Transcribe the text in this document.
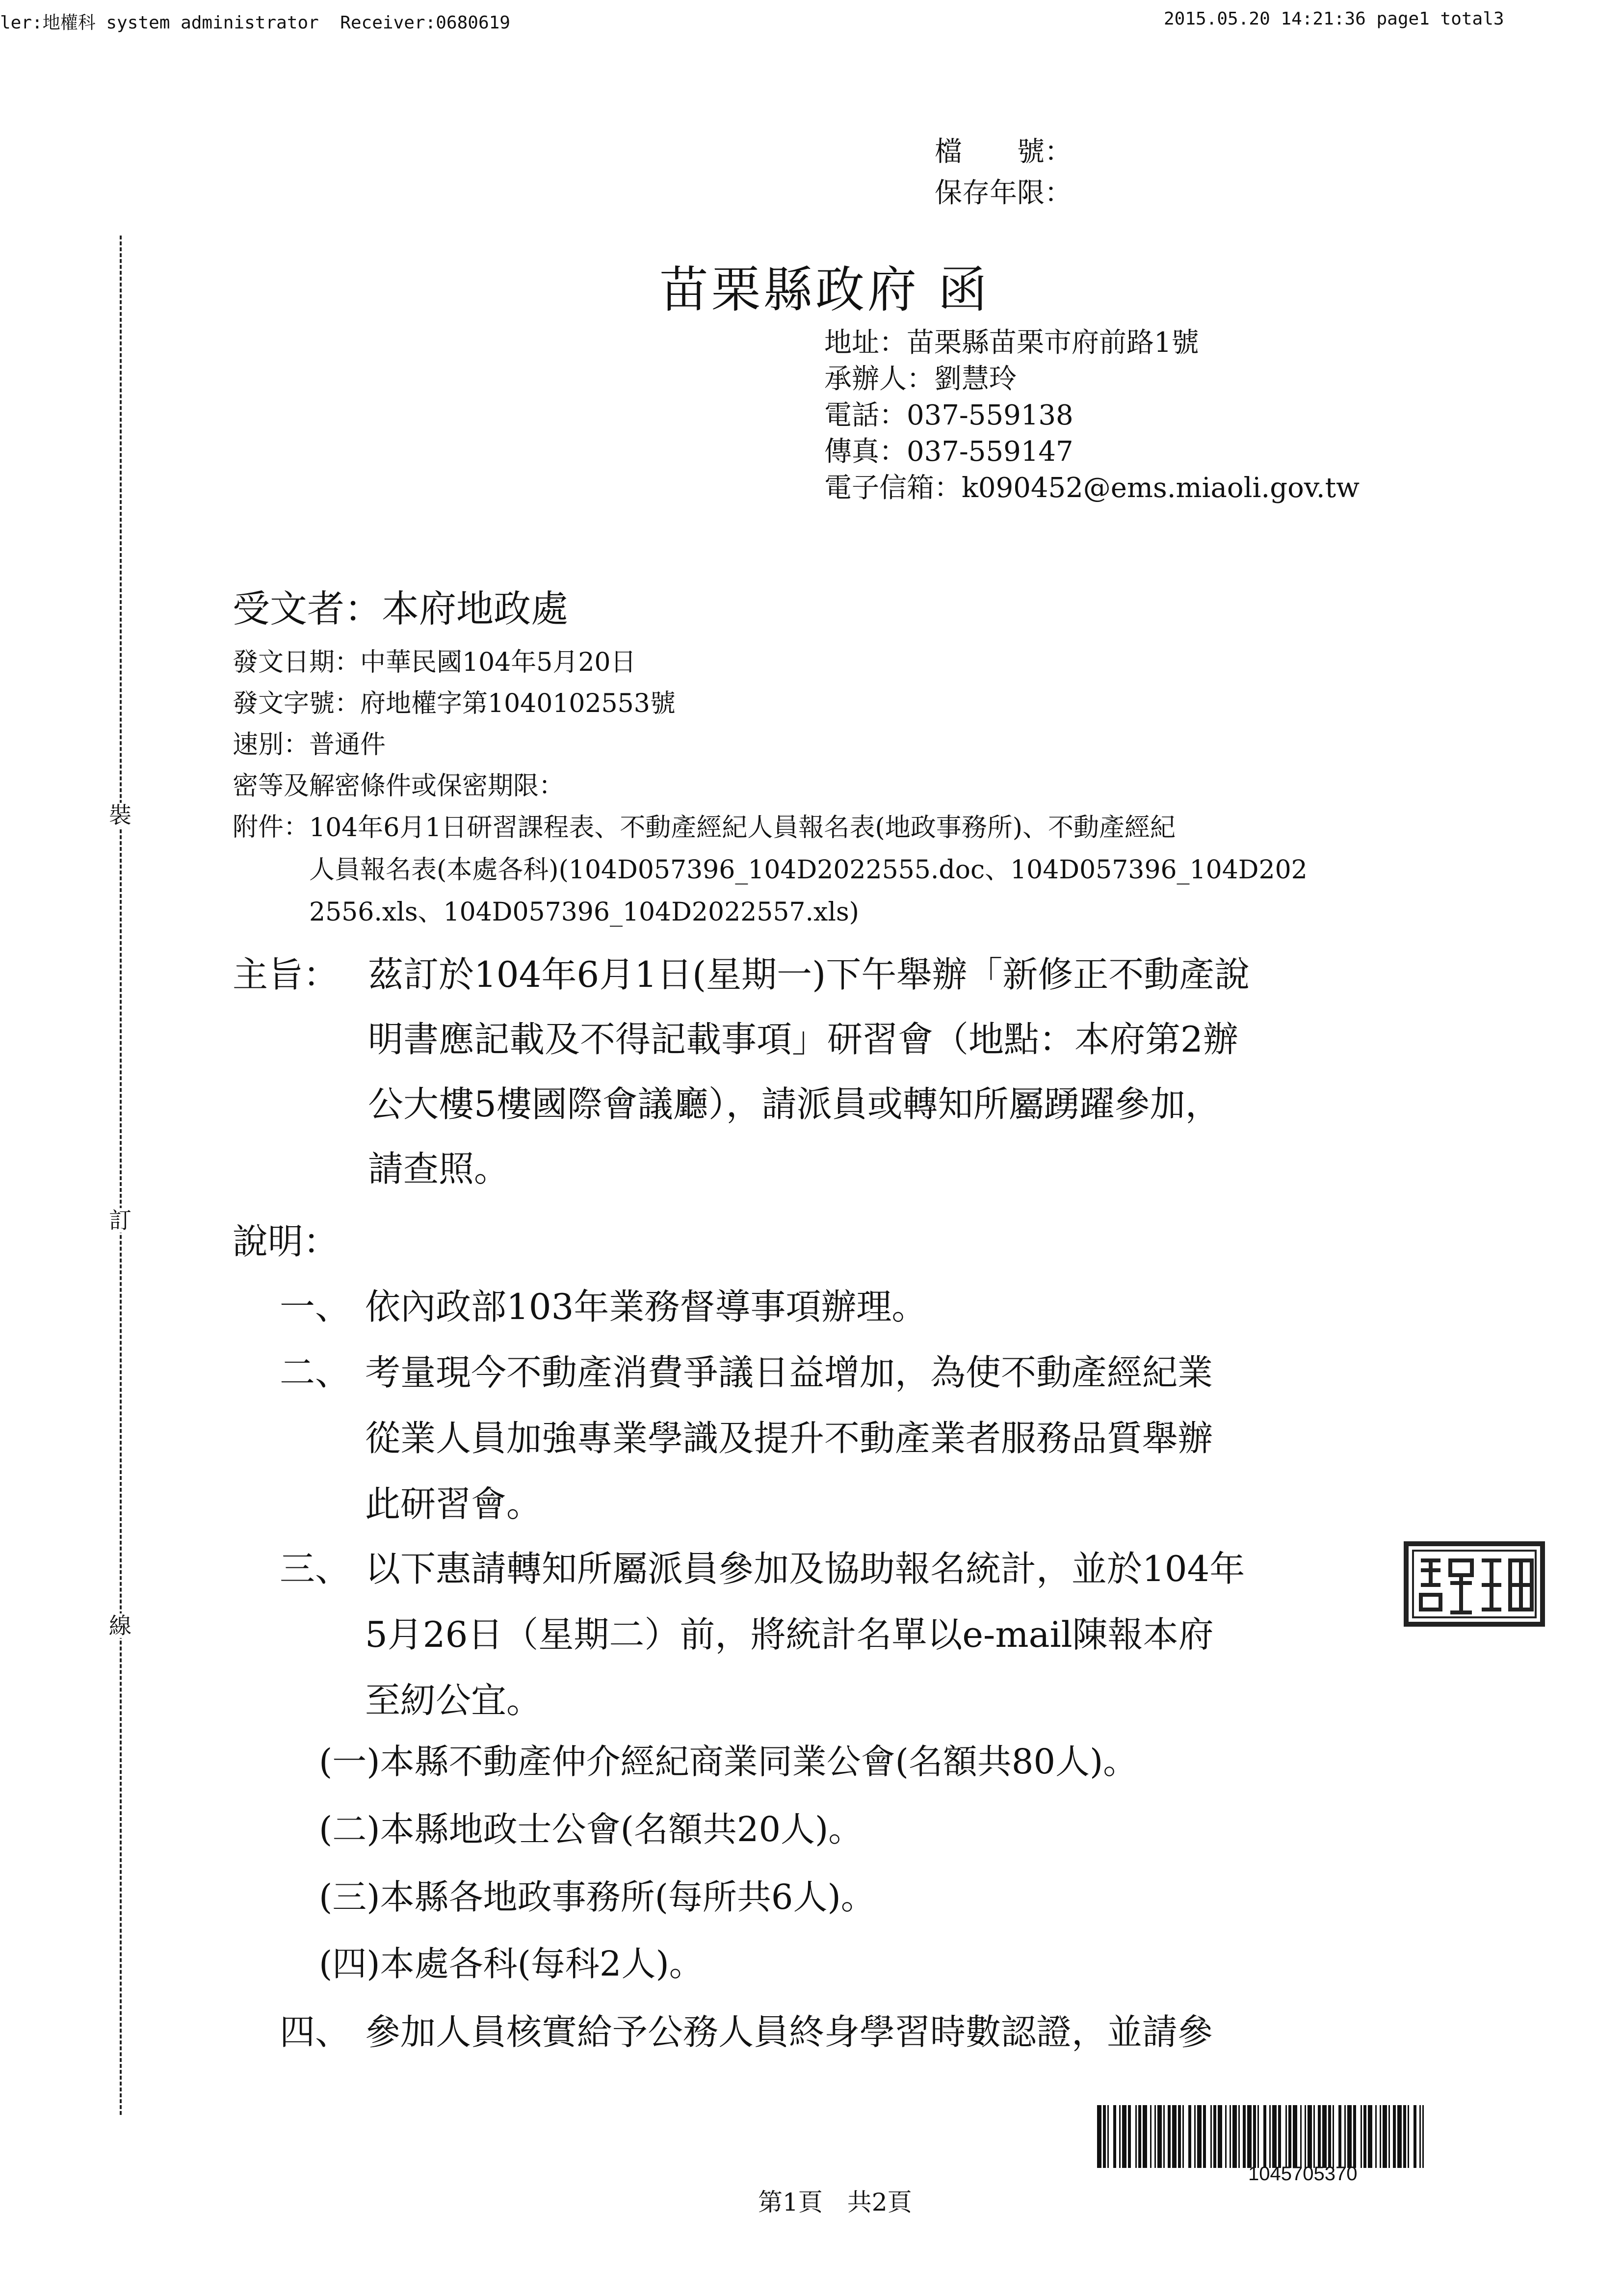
ler:地權科 system administrator  Receiver:0680619

	2015.05.20 14:21:36 page1 total3

檔　　號：
保存年限：
裝
訂
線
苗栗縣政府 函
地址：苗栗縣苗栗市府前路1號
承辦人：劉慧玲
電話：037-559138
傳真：037-559147
電子信箱：k090452@ems.miaoli.gov.tw
受文者：本府地政處
發文日期：中華民國104年5月20日
發文字號：府地權字第1040102553號
速別：普通件
密等及解密條件或保密期限：
附件： 104年6月1日研習課程表、不動產經紀人員報名表(地政事務所)、不動產經紀
人員報名表(本處各科)(104D057396_104D2022555.doc、104D057396_104D202
2556.xls、104D057396_104D2022557.xls)
主旨： 茲訂於104年6月1日(星期一)下午舉辦「新修正不動產說
明書應記載及不得記載事項」研習會（地點：本府第2辦
公大樓5樓國際會議廳），請派員或轉知所屬踴躍參加，
請查照。
說明：
一、 依內政部103年業務督導事項辦理。
二、 考量現今不動產消費爭議日益增加，為使不動產經紀業
從業人員加強專業學識及提升不動產業者服務品質舉辦
此研習會。
三、 以下惠請轉知所屬派員參加及協助報名統計，並於104年
5月26日（星期二）前，將統計名單以e-mail陳報本府
至紉公宜。
(一)本縣不動產仲介經紀商業同業公會(名額共80人)。
(二)本縣地政士公會(名額共20人)。
(三)本縣各地政事務所(每所共6人)。
(四)本處各科(每科2人)。
四、 參加人員核實給予公務人員終身學習時數認證，並請參
1045705370
第1頁　共2頁
